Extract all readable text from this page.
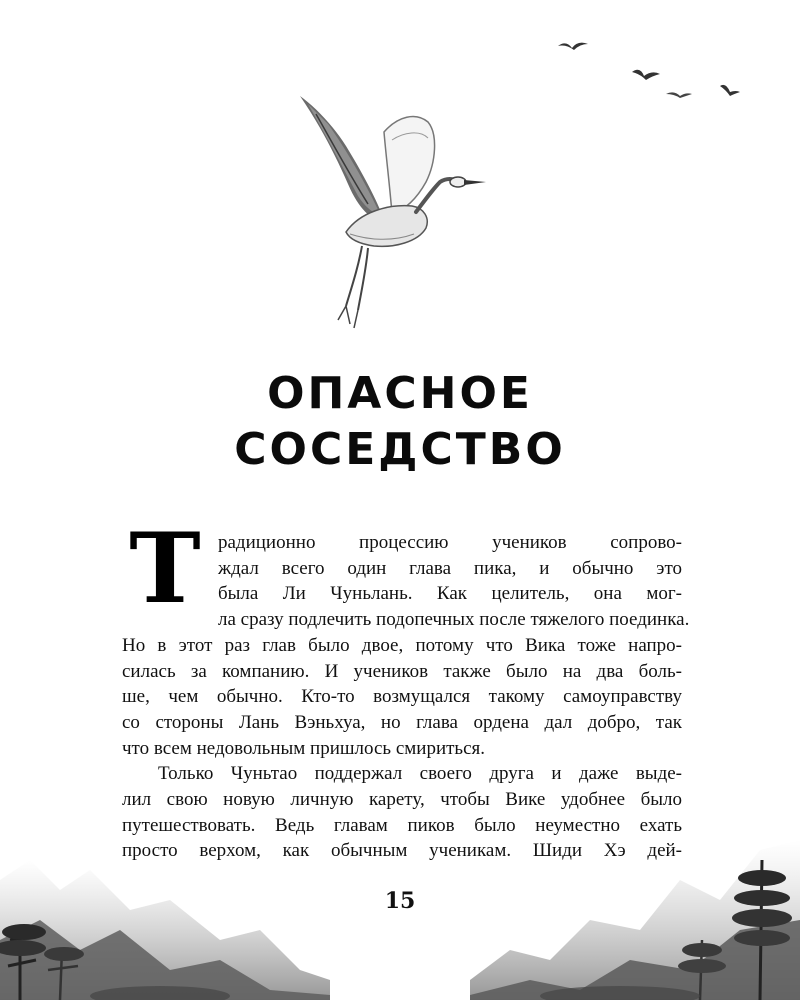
ОПАСНОЕ
СОСЕДСТВО
Т радиционно процессию учеников сопрово-
ждал всего один глава пика, и обычно это
была Ли Чуньлань. Как целитель, она мог-
ла сразу подлечить подопечных после тяжелого поединка.
Но в этот раз глав было двое, потому что Вика тоже напро-
силась за компанию. И учеников также было на два боль-
ше, чем обычно. Кто-то возмущался такому самоуправству
со стороны Лань Вэньхуа, но глава ордена дал добро, так
что всем недовольным пришлось смириться.
Только Чуньтао поддержал своего друга и даже выде-
лил свою новую личную карету, чтобы Вике удобнее было
путешествовать. Ведь главам пиков было неуместно ехать
просто верхом, как обычным ученикам. Шиди Хэ дей-
15
